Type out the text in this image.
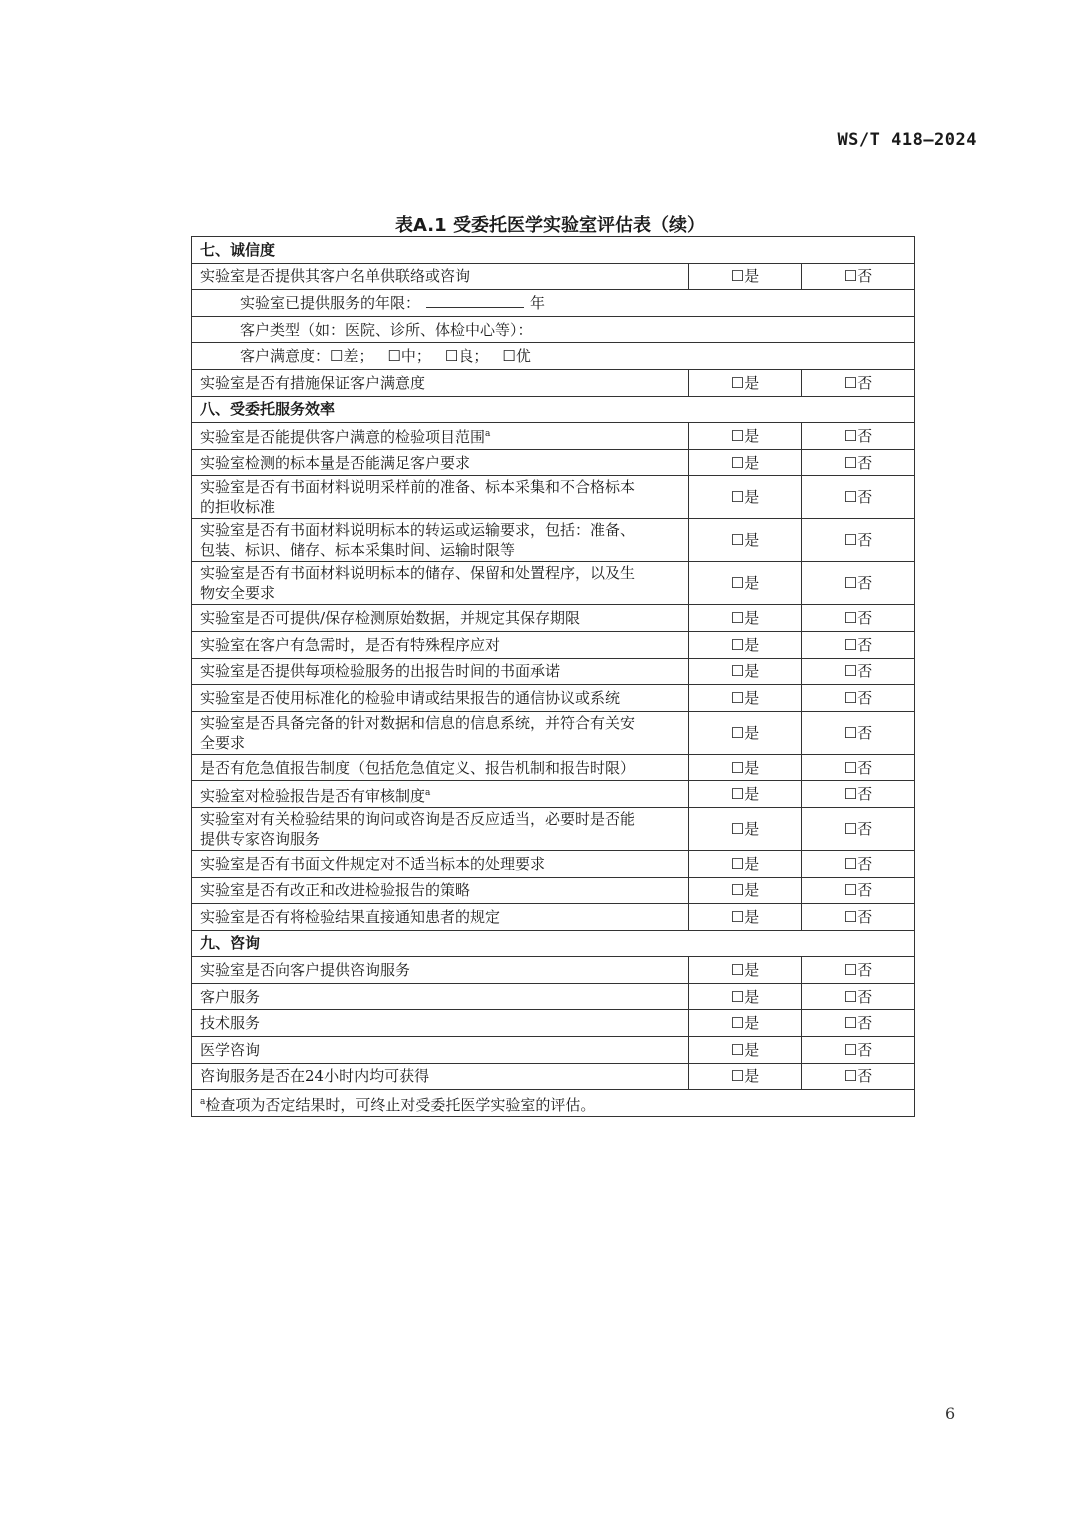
WS/T 418—2024
表A.1 受委托医学实验室评估表（续）
七、诚信度		
实验室是否提供其客户名单供联络或咨询	☐是	☐否
实验室已提供服务的年限： 年		
客户类型（如：医院、诊所、体检中心等）：		
客户满意度：☐差； ☐中； ☐良； ☐优		
实验室是否有措施保证客户满意度	☐是	☐否
八、受委托服务效率		
实验室是否能提供客户满意的检验项目范围$^a$	☐是	☐否
实验室检测的标本量是否能满足客户要求	☐是	☐否
实验室是否有书面材料说明采样前的准备、标本采集和不合格标本
的拒收标准	☐是	☐否
实验室是否有书面材料说明标本的转运或运输要求，包括：准备、
包装、标识、储存、标本采集时间、运输时限等	☐是	☐否
实验室是否有书面材料说明标本的储存、保留和处置程序，以及生
物安全要求	☐是	☐否
实验室是否可提供/保存检测原始数据，并规定其保存期限	☐是	☐否
实验室在客户有急需时，是否有特殊程序应对	☐是	☐否
实验室是否提供每项检验服务的出报告时间的书面承诺	☐是	☐否
实验室是否使用标准化的检验申请或结果报告的通信协议或系统	☐是	☐否
实验室是否具备完备的针对数据和信息的信息系统，并符合有关安
全要求	☐是	☐否
是否有危急值报告制度（包括危急值定义、报告机制和报告时限）	☐是	☐否
实验室对检验报告是否有审核制度$^a$	☐是	☐否
实验室对有关检验结果的询问或咨询是否反应适当，必要时是否能
提供专家咨询服务	☐是	☐否
实验室是否有书面文件规定对不适当标本的处理要求	☐是	☐否
实验室是否有改正和改进检验报告的策略	☐是	☐否
实验室是否有将检验结果直接通知患者的规定	☐是	☐否
九、咨询		
实验室是否向客户提供咨询服务	☐是	☐否
客户服务	☐是	☐否
技术服务	☐是	☐否
医学咨询	☐是	☐否
咨询服务是否在24小时内均可获得	☐是	☐否
$^a$检查项为否定结果时，可终止对受委托医学实验室的评估。		
6
